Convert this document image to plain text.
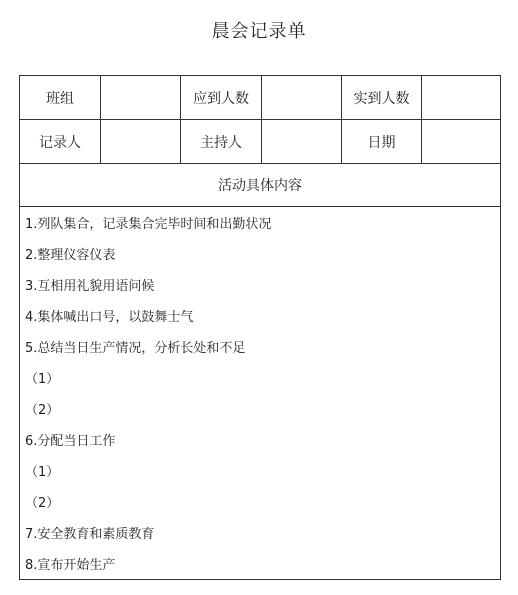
晨会记录单
班组	应到人数	实到人数
记录人	主持人	日期
活动具体内容
1.列队集合，记录集合完毕时间和出勤状况
2.整理仪容仪表
3.互相用礼貌用语问候
4.集体喊出口号，以鼓舞士气
5.总结当日生产情况，分析长处和不足
（1）
（2）
6.分配当日工作
（1）
（2）
7.安全教育和素质教育
8.宣布开始生产
